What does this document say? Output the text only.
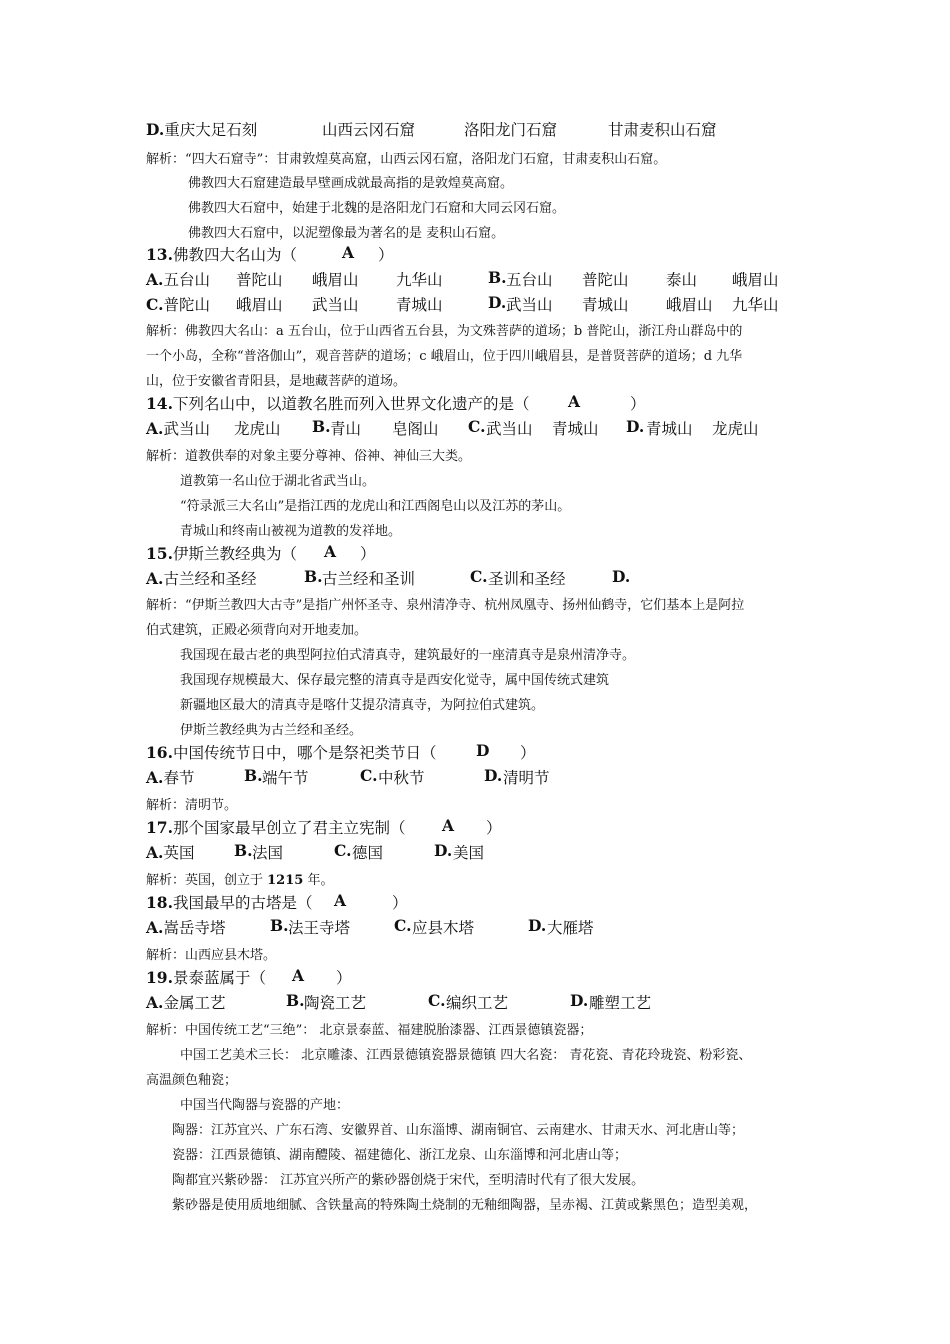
D.重庆大足石刻	山西云冈石窟	洛阳龙门石窟	甘肃麦积山石窟
解析：“四大石窟寺”：甘肃敦煌莫高窟，山西云冈石窟，洛阳龙门石窟，甘肃麦积山石窟。
佛教四大石窟建造最早壁画成就最高指的是敦煌莫高窟。
佛教四大石窟中，始建于北魏的是洛阳龙门石窟和大同云冈石窟。
佛教四大石窟中，以泥塑像最为著名的是 麦积山石窟。
13.佛教四大名山为（	A ）
A.五台山 普陀山 峨眉山 九华山	B. 五台山 普陀山 泰山 峨眉山
C.普陀山 峨眉山 武当山 青城山	D. 武当山 青城山 峨眉山 九华山
解析：佛教四大名山：a 五台山，位于山西省五台县，为文殊菩萨的道场；b 普陀山，浙江舟山群岛中的
一个小岛，全称“普洛伽山”，观音菩萨的道场；c 峨眉山，位于四川峨眉县，是普贤菩萨的道场；d 九华
山，位于安徽省青阳县，是地藏菩萨的道场。
14.下列名山中，以道教名胜而列入世界文化遗产的是（ A	）
A.武当山 龙虎山 B. 青山 皂阁山 C. 武当山 青城山 D. 青城山 龙虎山
解析：道教供奉的对象主要分尊神、俗神、神仙三大类。
道教第一名山位于湖北省武当山。
“符录派三大名山”是指江西的龙虎山和江西阁皂山以及江苏的茅山。
青城山和终南山被视为道教的发祥地。
15.伊斯兰教经典为（ A ）
A.古兰经和圣经	B. 古兰经和圣训	C. 圣训和圣经	D.
解析：“伊斯兰教四大古寺”是指广州怀圣寺、泉州清净寺、杭州凤凰寺、扬州仙鹤寺，它们基本上是阿拉
伯式建筑，正殿必须背向对开地麦加。
我国现在最古老的典型阿拉伯式清真寺，建筑最好的一座清真寺是泉州清净寺。
我国现存规模最大、保存最完整的清真寺是西安化觉寺，属中国传统式建筑
新疆地区最大的清真寺是喀什艾提尕清真寺，为阿拉伯式建筑。
伊斯兰教经典为古兰经和圣经。
16.中国传统节日中，哪个是祭祀类节日（	D ）
A.春节	B. 端午节	C. 中秋节	D. 清明节
解析：清明节。
17.那个国家最早创立了君主立宪制（ A ）
A.英国	B. 法国	C. 德国	D. 美国
解析：英国，创立于 1215 年。
18.我国最早的古塔是（ A	）
A.嵩岳寺塔	B. 法王寺塔	C. 应县木塔	D. 大雁塔
解析：山西应县木塔。
19.景泰蓝属于（ A ）
A.金属工艺	B. 陶瓷工艺	C. 编织工艺	D. 雕塑工艺
解析：中国传统工艺“三绝”： 北京景泰蓝、福建脱胎漆器、江西景德镇瓷器；
中国工艺美术三长： 北京雕漆、江西景德镇瓷器景德镇 四大名瓷： 青花瓷、青花玲珑瓷、粉彩瓷、
高温颜色釉瓷；
中国当代陶器与瓷器的产地：
陶器：江苏宜兴、广东石湾、安徽界首、山东淄博、湖南铜官、云南建水、甘肃天水、河北唐山等；
瓷器：江西景德镇、湖南醴陵、福建德化、浙江龙泉、山东淄博和河北唐山等；
陶都宜兴紫砂器： 江苏宜兴所产的紫砂器创烧于宋代，至明清时代有了很大发展。
紫砂器是使用质地细腻、含铁量高的特殊陶土烧制的无釉细陶器，呈赤褐、江黄或紫黑色；造型美观，
